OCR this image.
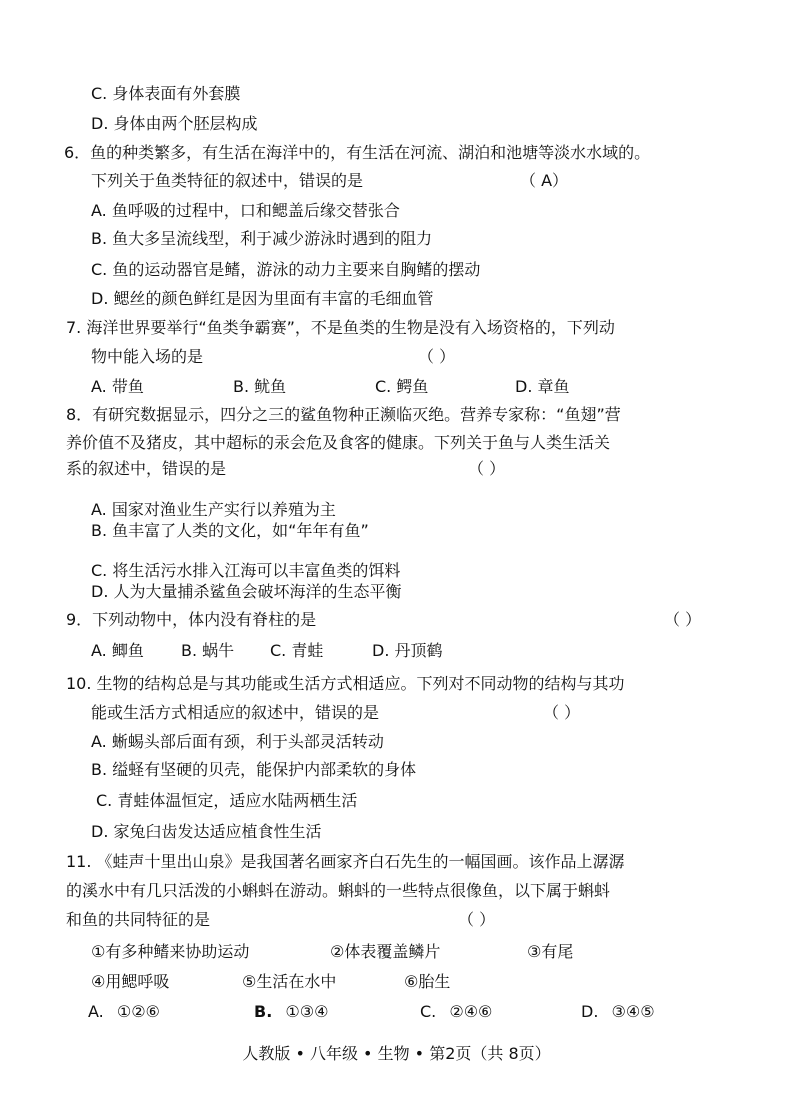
C. 身体表面有外套膜
D. 身体由两个胚层构成
6．鱼的种类繁多，有生活在海洋中的，有生活在河流、湖泊和池塘等淡水水域的。
下列关于鱼类特征的叙述中，错误的是	（ A）
A. 鱼呼吸的过程中，口和鳃盖后缘交替张合
B. 鱼大多呈流线型，利于减少游泳时遇到的阻力
C. 鱼的运动器官是鳍，游泳的动力主要来自胸鳍的摆动
D. 鳃丝的颜色鲜红是因为里面有丰富的毛细血管
7. 海洋世界要举行“鱼类争霸赛”，不是鱼类的生物是没有入场资格的，下列动
物中能入场的是	（ ）
A. 带鱼	B. 鱿鱼	C. 鳄鱼	D. 章鱼
8．有研究数据显示，四分之三的鲨鱼物种正濒临灭绝。营养专家称：“鱼翅”营
养价值不及猪皮，其中超标的汞会危及食客的健康。下列关于鱼与人类生活关
系的叙述中，错误的是	（ ）
A. 国家对渔业生产实行以养殖为主
B. 鱼丰富了人类的文化，如“年年有鱼”
C. 将生活污水排入江海可以丰富鱼类的饵料
D. 人为大量捕杀鲨鱼会破坏海洋的生态平衡
9．下列动物中，体内没有脊柱的是	（ ）
A. 鲫鱼 B. 蜗牛 C. 青蛙	D. 丹顶鹤
10. 生物的结构总是与其功能或生活方式相适应。下列对不同动物的结构与其功
能或生活方式相适应的叙述中，错误的是	（ ）
A. 蜥蜴头部后面有颈，利于头部灵活转动
B. 缢蛏有坚硬的贝壳，能保护内部柔软的身体
C. 青蛙体温恒定，适应水陆两栖生活
D. 家兔臼齿发达适应植食性生活
11. 《蛙声十里出山泉》是我国著名画家齐白石先生的一幅国画。该作品上潺潺
的溪水中有几只活泼的小蝌蚪在游动。蝌蚪的一些特点很像鱼，以下属于蝌蚪
和鱼的共同特征的是	（ ）
①有多种鳍来协助运动	②体表覆盖鳞片	③有尾
④用鳃呼吸	⑤生活在水中	⑥胎生
A. ①②⑥	B. ①③④	C. ②④⑥	D. ③④⑤
人教版 • 八年级 • 生物 • 第2页（共 8页）
